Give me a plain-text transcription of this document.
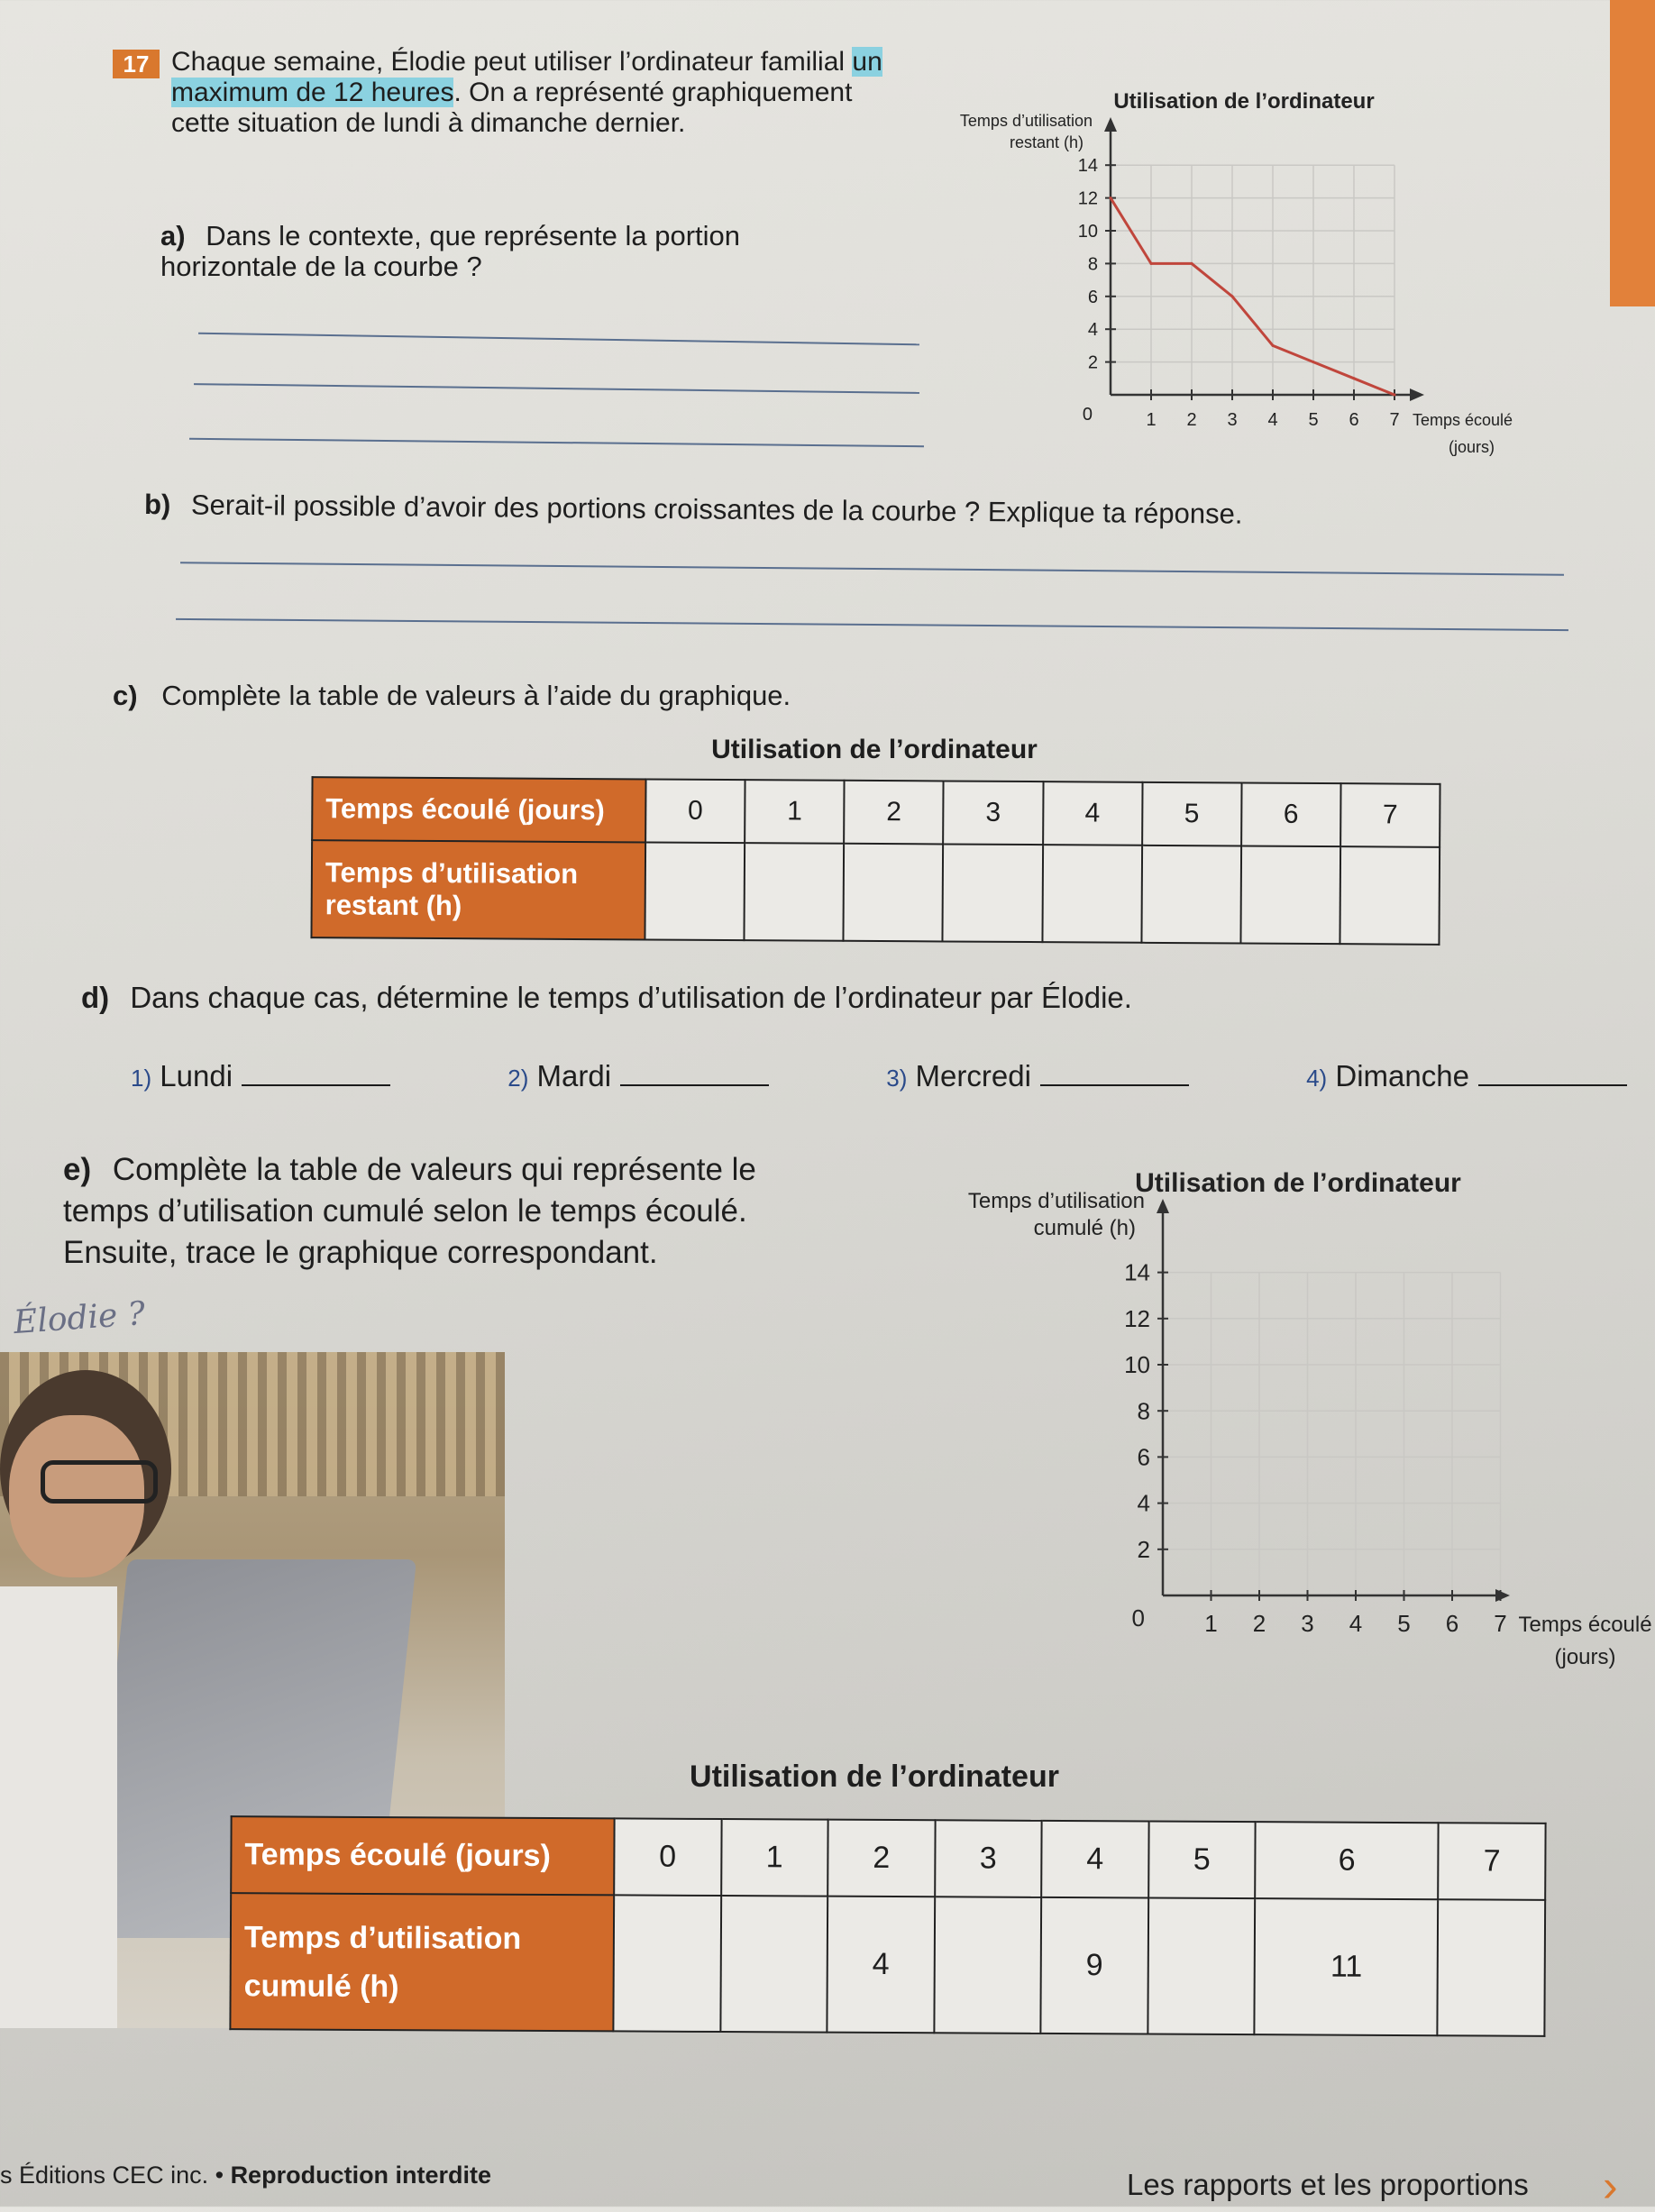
17 Chaque semaine, Élodie peut utiliser l’ordinateur familial un maximum de 12 heures. On a représenté graphiquement cette situation de lundi à dimanche dernier.
a) Dans le contexte, que représente la portion horizontale de la courbe ?
1 2 3 4 5 6 7
2
4
6
8
10
12
14
0
Utilisation de l’ordinateur
Temps d’utilisation
restant (h)
Temps écoulé
(jours)
b) Serait-il possible d’avoir des portions croissantes de la courbe ? Explique ta réponse.
c) Complète la table de valeurs à l’aide du graphique.
Utilisation de l’ordinateur
Temps écoulé (jours)	0	1	2	3	4	5	6	7
Temps d’utilisation restant (h)								
d) Dans chaque cas, détermine le temps d’utilisation de l’ordinateur par Élodie.
1) Lundi	2) Mardi	3) Mercredi	4) Dimanche
e) Complète la table de valeurs qui représente le temps d’utilisation cumulé selon le temps écoulé. Ensuite, trace le graphique correspondant.
Élodie ?
1 2 3 4 5 6 7
2
4
6
8
10
12
14
0
Utilisation de l’ordinateur
Temps d’utilisation
cumulé (h)
Temps écoulé
(jours)
Utilisation de l’ordinateur
Temps écoulé (jours)	0	1	2	3	4	5	6	7
Temps d’utilisation cumulé (h)			4		9		11	
s Éditions CEC inc. • Reproduction interdite	Les rapports et les proportions ›
